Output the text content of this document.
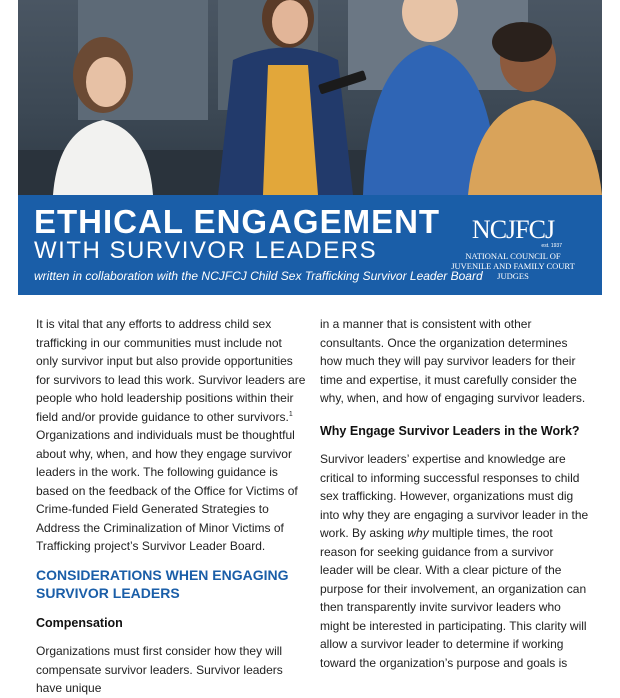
ETHICAL ENGAGEMENT
WITH SURVIVOR LEADERS
written in collaboration with the NCJFCJ Child Sex Trafficking Survivor Leader Board
NCJFCJ
est. 1937
NATIONAL COUNCIL OF
JUVENILE AND FAMILY COURT JUDGES

It is vital that any efforts to address child sex trafficking in our communities must include not only survivor input but also provide opportunities for survivors to lead this work. Survivor leaders are people who hold leadership positions within their field and/or provide guidance to other survivors.$^1$ Organizations and individuals must be thoughtful about why, when, and how they engage survivor leaders in the work. The following guidance is based on the feedback of the Office for Victims of Crime-funded Field Generated Strategies to Address the Criminalization of Minor Victims of Trafficking project’s Survivor Leader Board.

CONSIDERATIONS WHEN ENGAGING SURVIVOR LEADERS
Compensation

Organizations must first consider how they will compensate survivor leaders. Survivor leaders have unique

in a manner that is consistent with other consultants. Once the organization determines how much they will pay survivor leaders for their time and expertise, it must carefully consider the why, when, and how of engaging survivor leaders.

Why Engage Survivor Leaders in the Work?

Survivor leaders’ expertise and knowledge are critical to informing successful responses to child sex trafficking. However, organizations must dig into why they are engaging a survivor leader in the work. By asking why multiple times, the root reason for seeking guidance from a survivor leader will be clear. With a clear picture of the purpose for their involvement, an organization can then transparently invite survivor leaders who might be interested in participating. This clarity will allow a survivor leader to determine if working toward the organization’s purpose and goals is
